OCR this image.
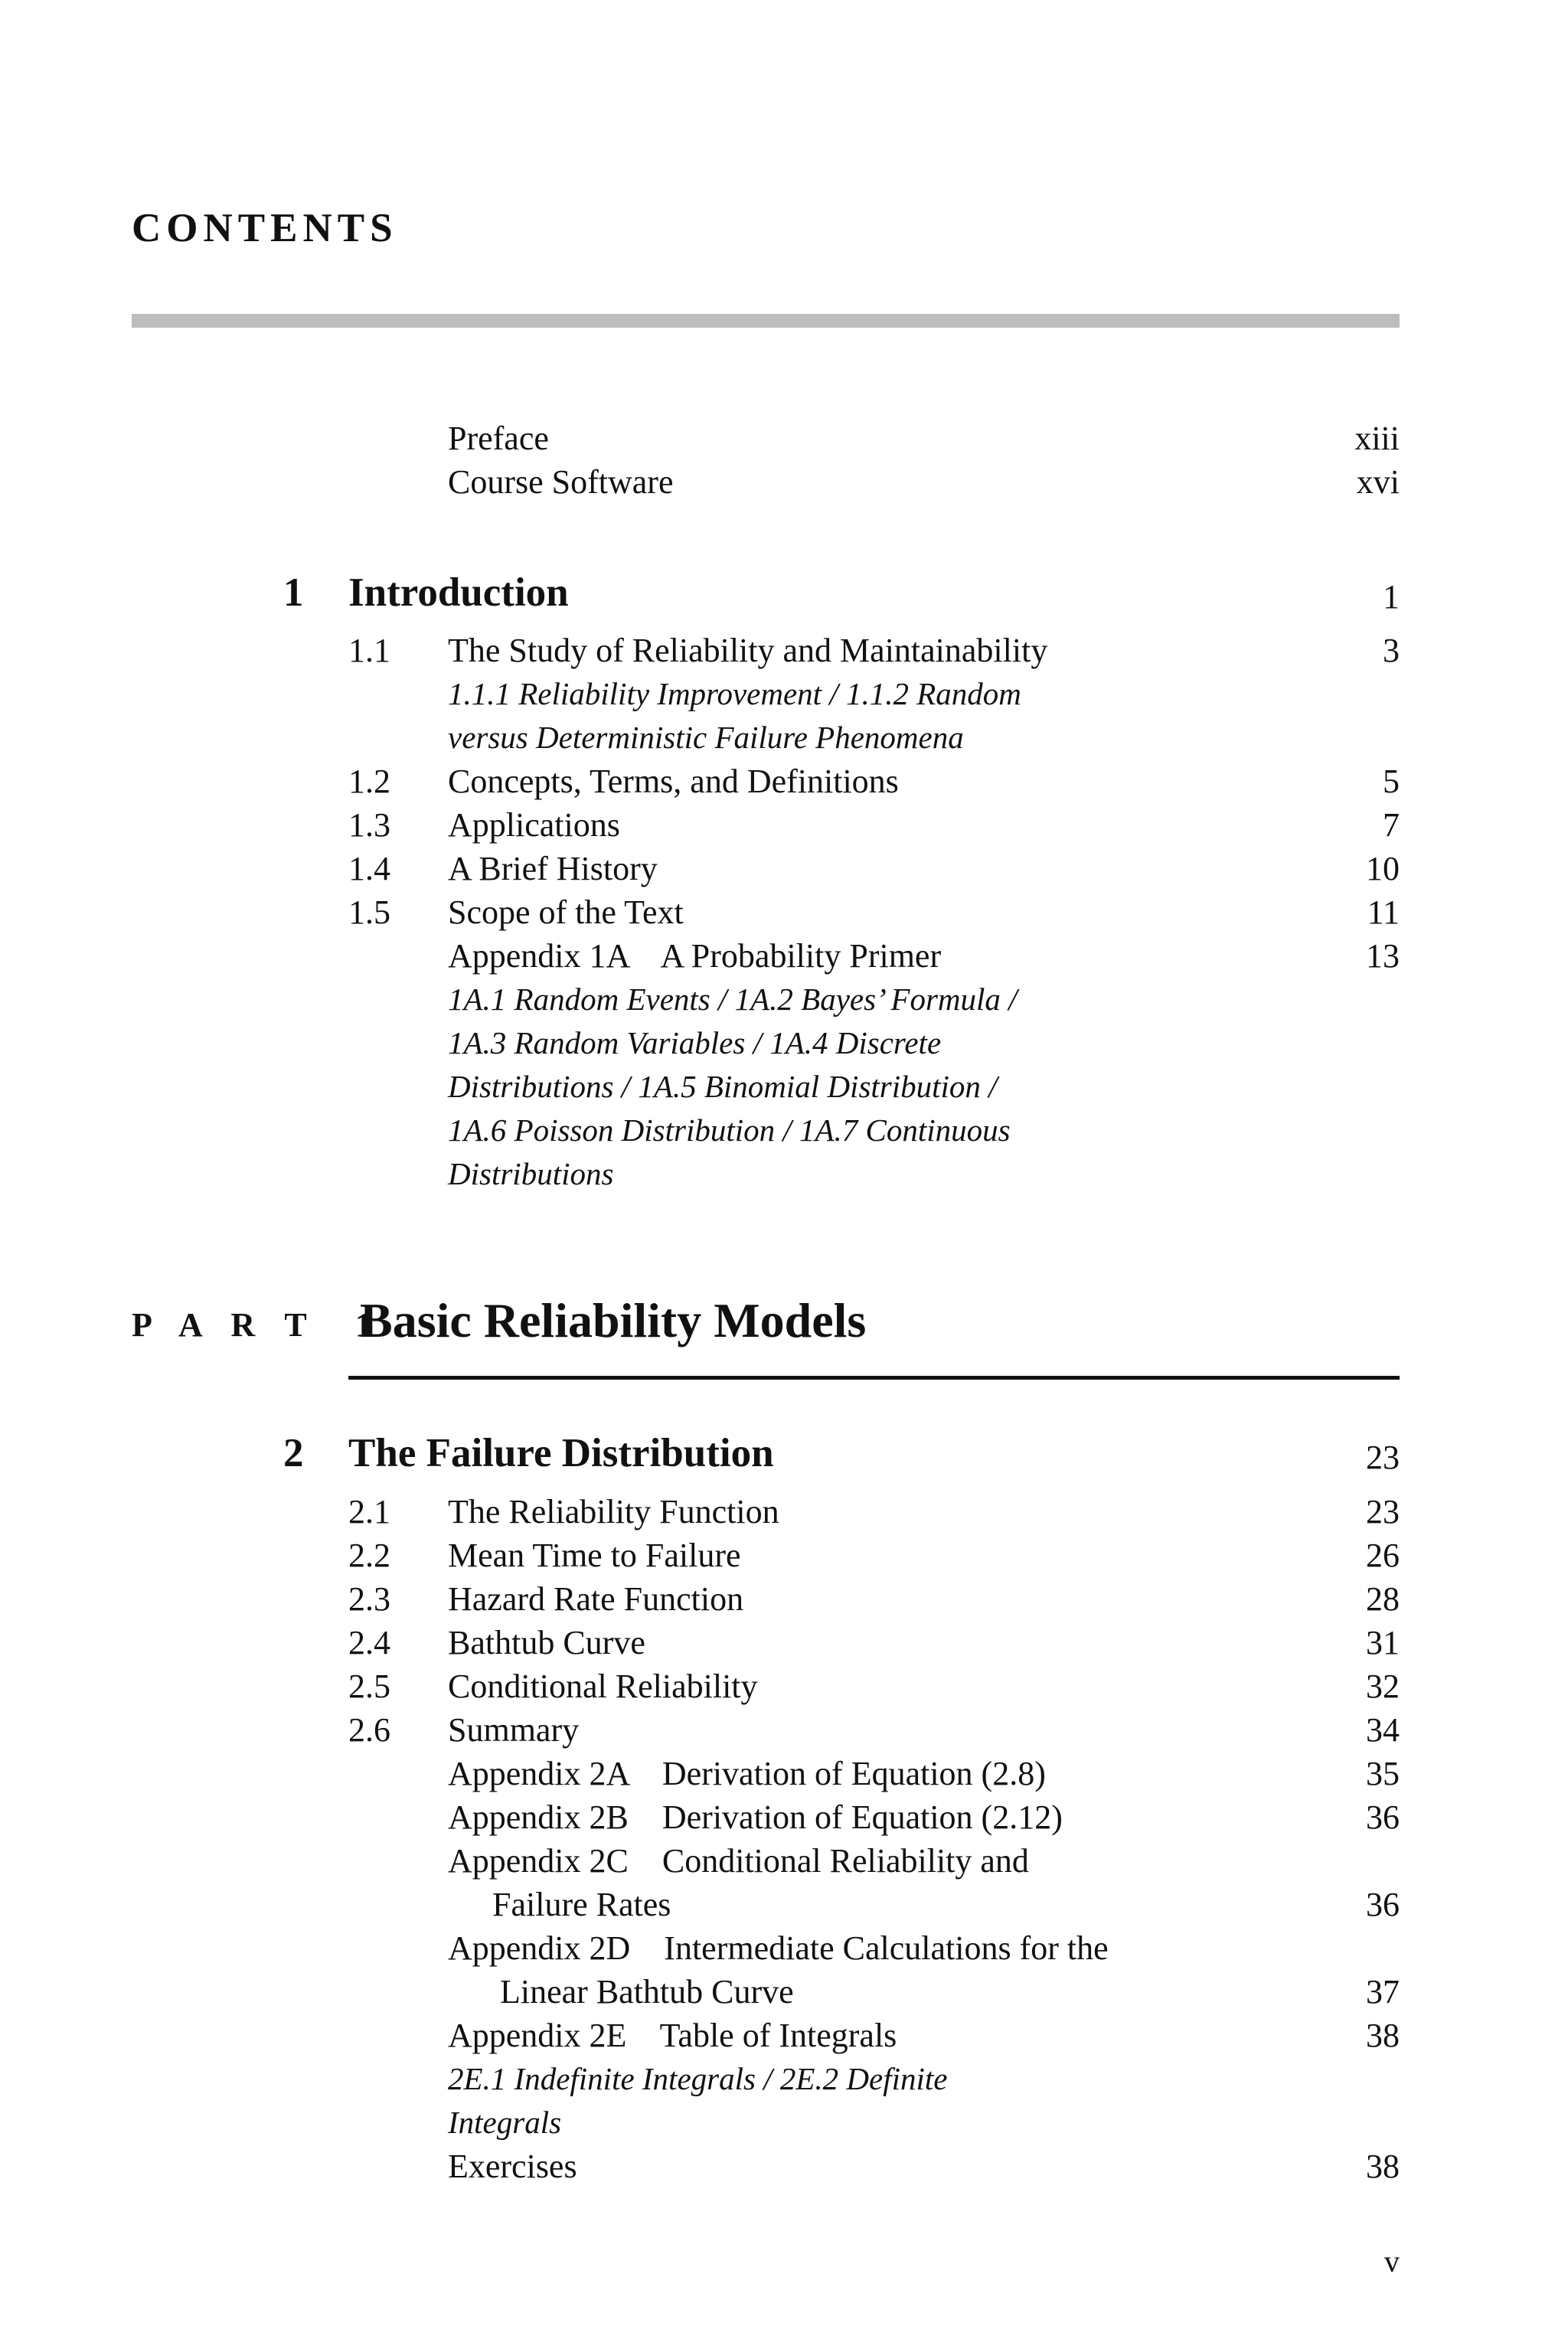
CONTENTS
Preface	xiii
Course Software	xvi
1 Introduction	1
1.1 The Study of Reliability and Maintainability	3
1.1.1 Reliability Improvement / 1.1.2 Random
versus Deterministic Failure Phenomena
1.2 Concepts, Terms, and Definitions	5
1.3 Applications	7
1.4 A Brief History	10
1.5 Scope of the Text	11
Appendix 1A    A Probability Primer	13
1A.1 Random Events / 1A.2 Bayes’ Formula /
1A.3 Random Variables / 1A.4 Discrete
Distributions / 1A.5 Binomial Distribution /
1A.6 Poisson Distribution / 1A.7 Continuous
Distributions
P A R T  1
Basic Reliability Models
2 The Failure Distribution	23
2.1 The Reliability Function	23
2.2 Mean Time to Failure	26
2.3 Hazard Rate Function	28
2.4 Bathtub Curve	31
2.5 Conditional Reliability	32
2.6 Summary	34
Appendix 2A    Derivation of Equation (2.8)	35
Appendix 2B    Derivation of Equation (2.12)	36
Appendix 2C    Conditional Reliability and
Failure Rates	36
Appendix 2D    Intermediate Calculations for the
Linear Bathtub Curve	37
Appendix 2E    Table of Integrals	38
2E.1 Indefinite Integrals / 2E.2 Definite
Integrals
Exercises	38
v
